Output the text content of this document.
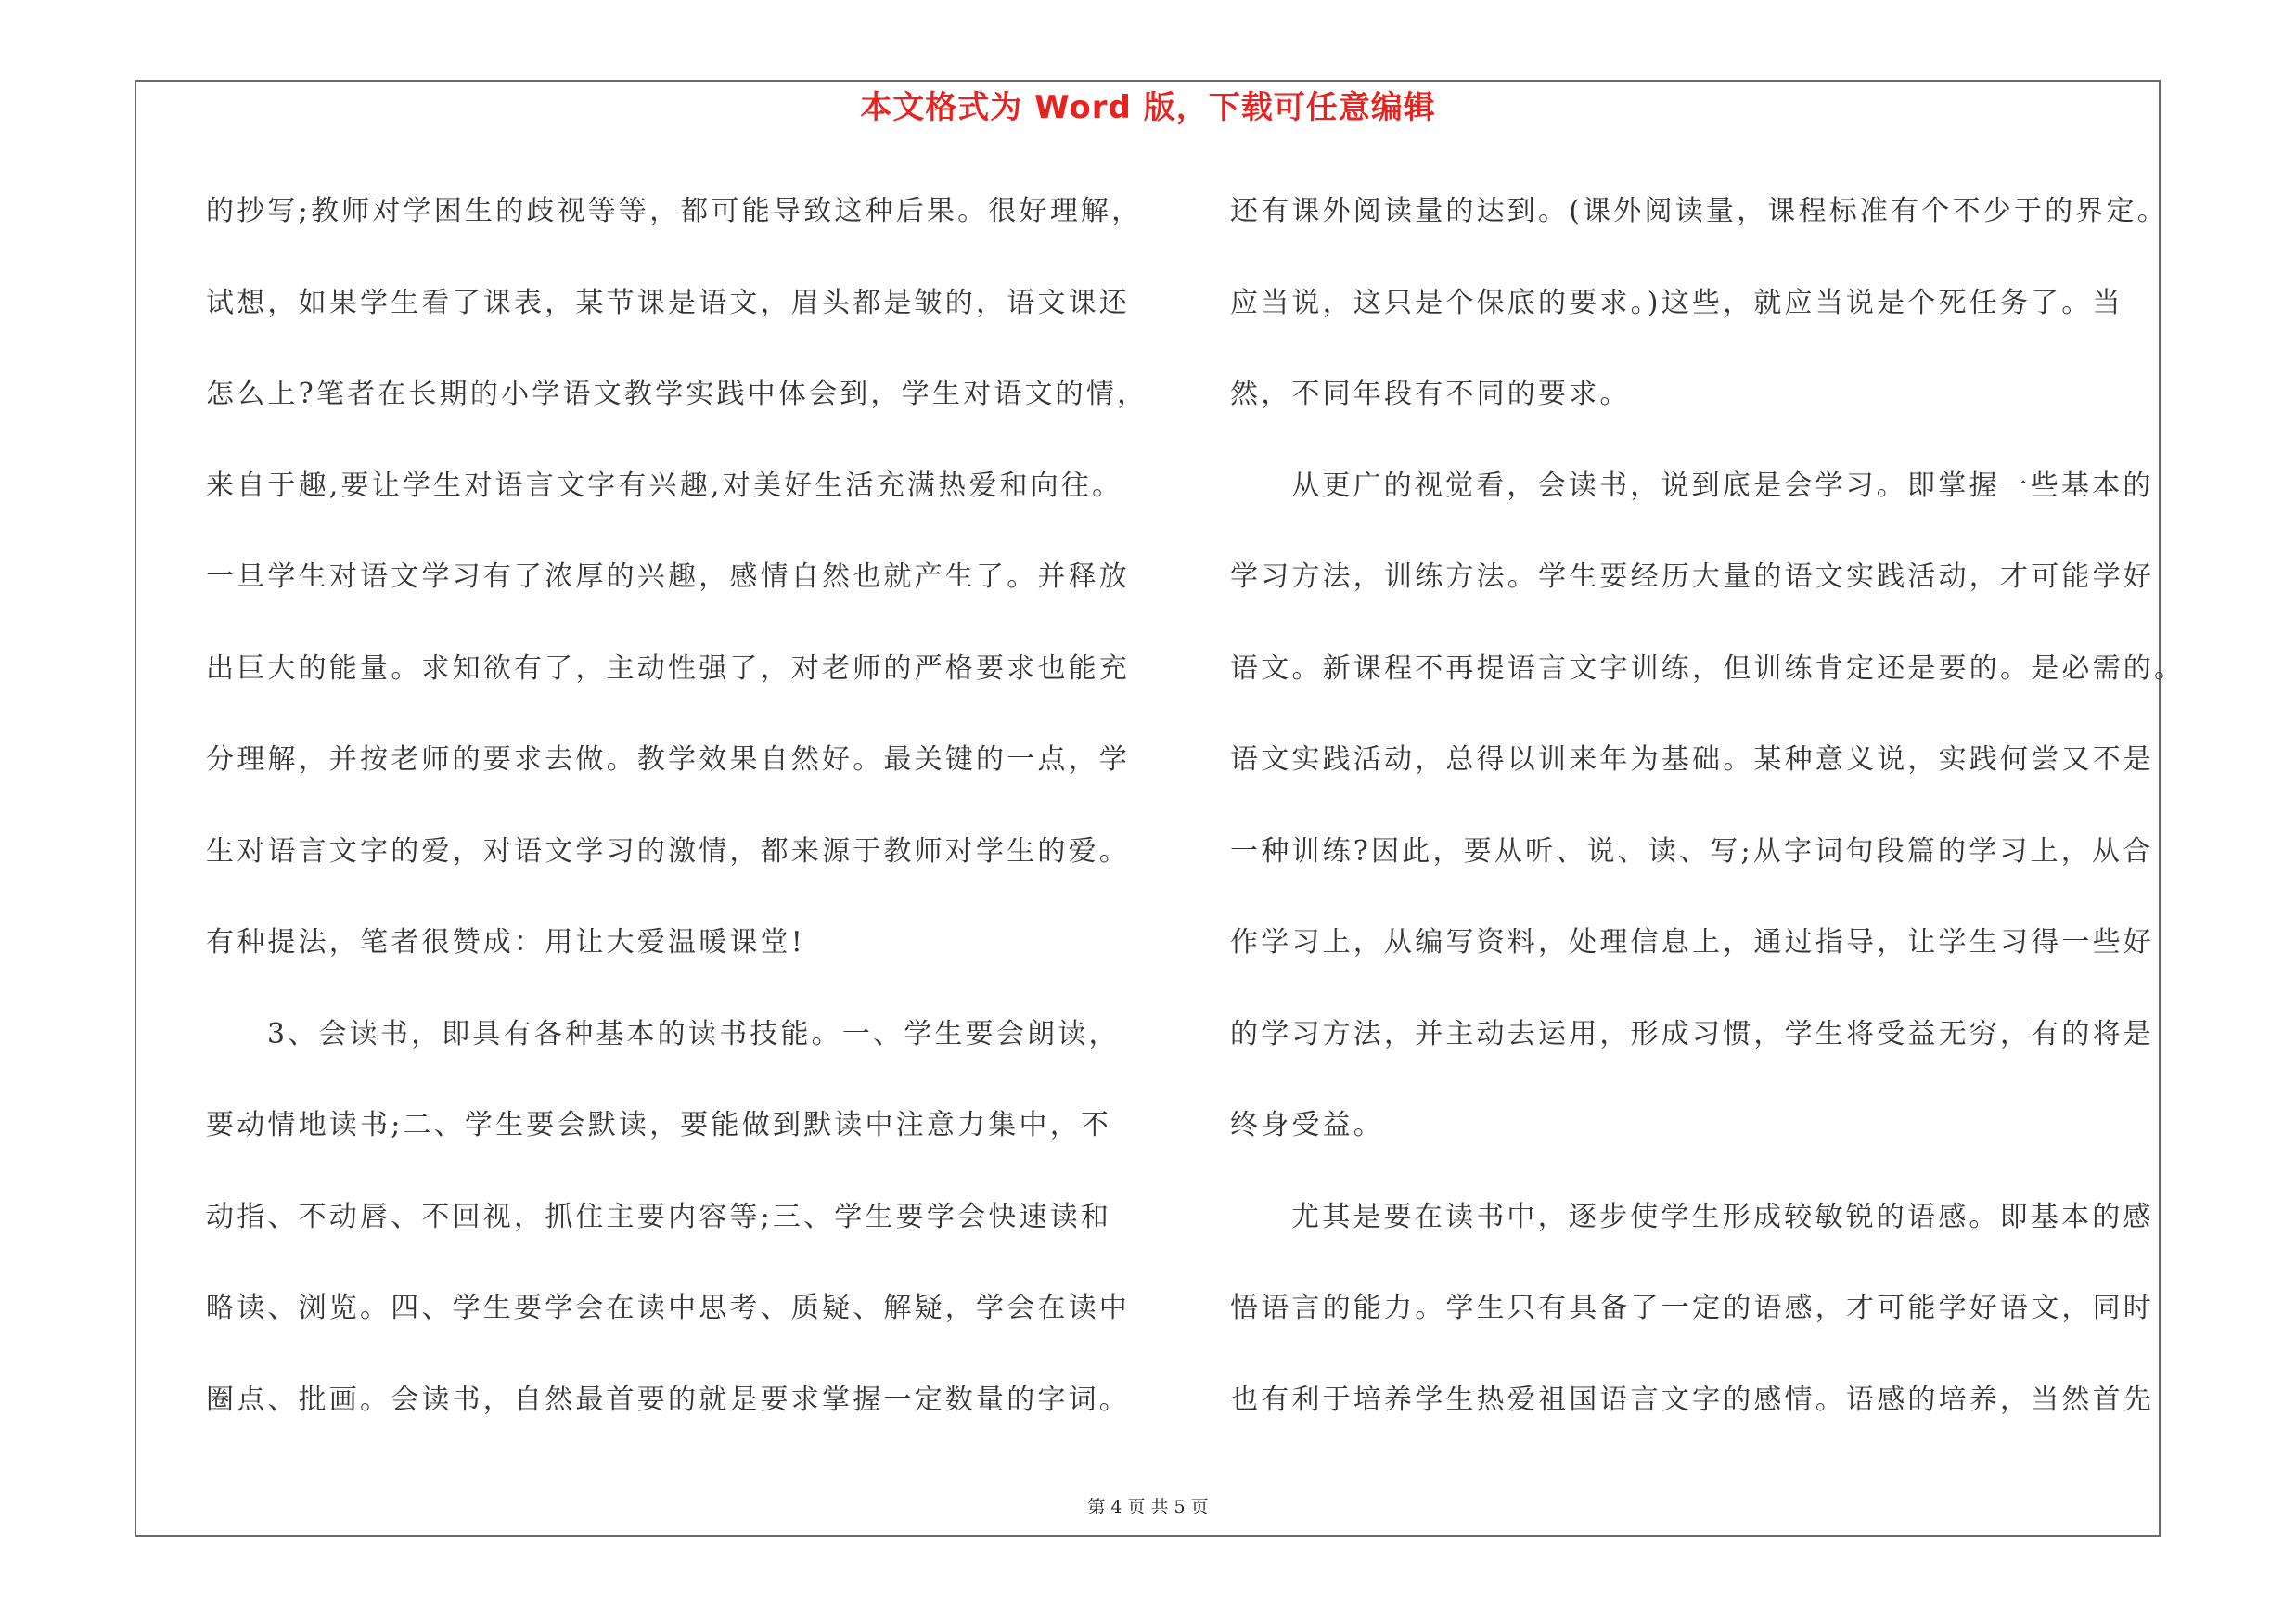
本文格式为 Word 版，下载可任意编辑
的抄写;教师对学困生的歧视等等，都可能导致这种后果。很好理解，
试想，如果学生看了课表，某节课是语文，眉头都是皱的，语文课还
怎么上?笔者在长期的小学语文教学实践中体会到，学生对语文的情，
来自于趣,要让学生对语言文字有兴趣,对美好生活充满热爱和向往。
一旦学生对语文学习有了浓厚的兴趣，感情自然也就产生了。并释放
出巨大的能量。求知欲有了，主动性强了，对老师的严格要求也能充
分理解，并按老师的要求去做。教学效果自然好。最关键的一点，学
生对语言文字的爱，对语文学习的激情，都来源于教师对学生的爱。
有种提法，笔者很赞成：用让大爱温暖课堂!
3、会读书，即具有各种基本的读书技能。一、学生要会朗读，
要动情地读书;二、学生要会默读，要能做到默读中注意力集中，不
动指、不动唇、不回视，抓住主要内容等;三、学生要学会快速读和
略读、浏览。四、学生要学会在读中思考、质疑、解疑，学会在读中
圈点、批画。会读书，自然最首要的就是要求掌握一定数量的字词。
还有课外阅读量的达到。(课外阅读量，课程标准有个不少于的界定。
应当说，这只是个保底的要求。)这些，就应当说是个死任务了。当
然，不同年段有不同的要求。
从更广的视觉看，会读书，说到底是会学习。即掌握一些基本的
学习方法，训练方法。学生要经历大量的语文实践活动，才可能学好
语文。新课程不再提语言文字训练，但训练肯定还是要的。是必需的。
语文实践活动，总得以训来年为基础。某种意义说，实践何尝又不是
一种训练?因此，要从听、说、读、写;从字词句段篇的学习上，从合
作学习上，从编写资料，处理信息上，通过指导，让学生习得一些好
的学习方法，并主动去运用，形成习惯，学生将受益无穷，有的将是
终身受益。
尤其是要在读书中，逐步使学生形成较敏锐的语感。即基本的感
悟语言的能力。学生只有具备了一定的语感，才可能学好语文，同时
也有利于培养学生热爱祖国语言文字的感情。语感的培养，当然首先
第 4 页 共 5 页
